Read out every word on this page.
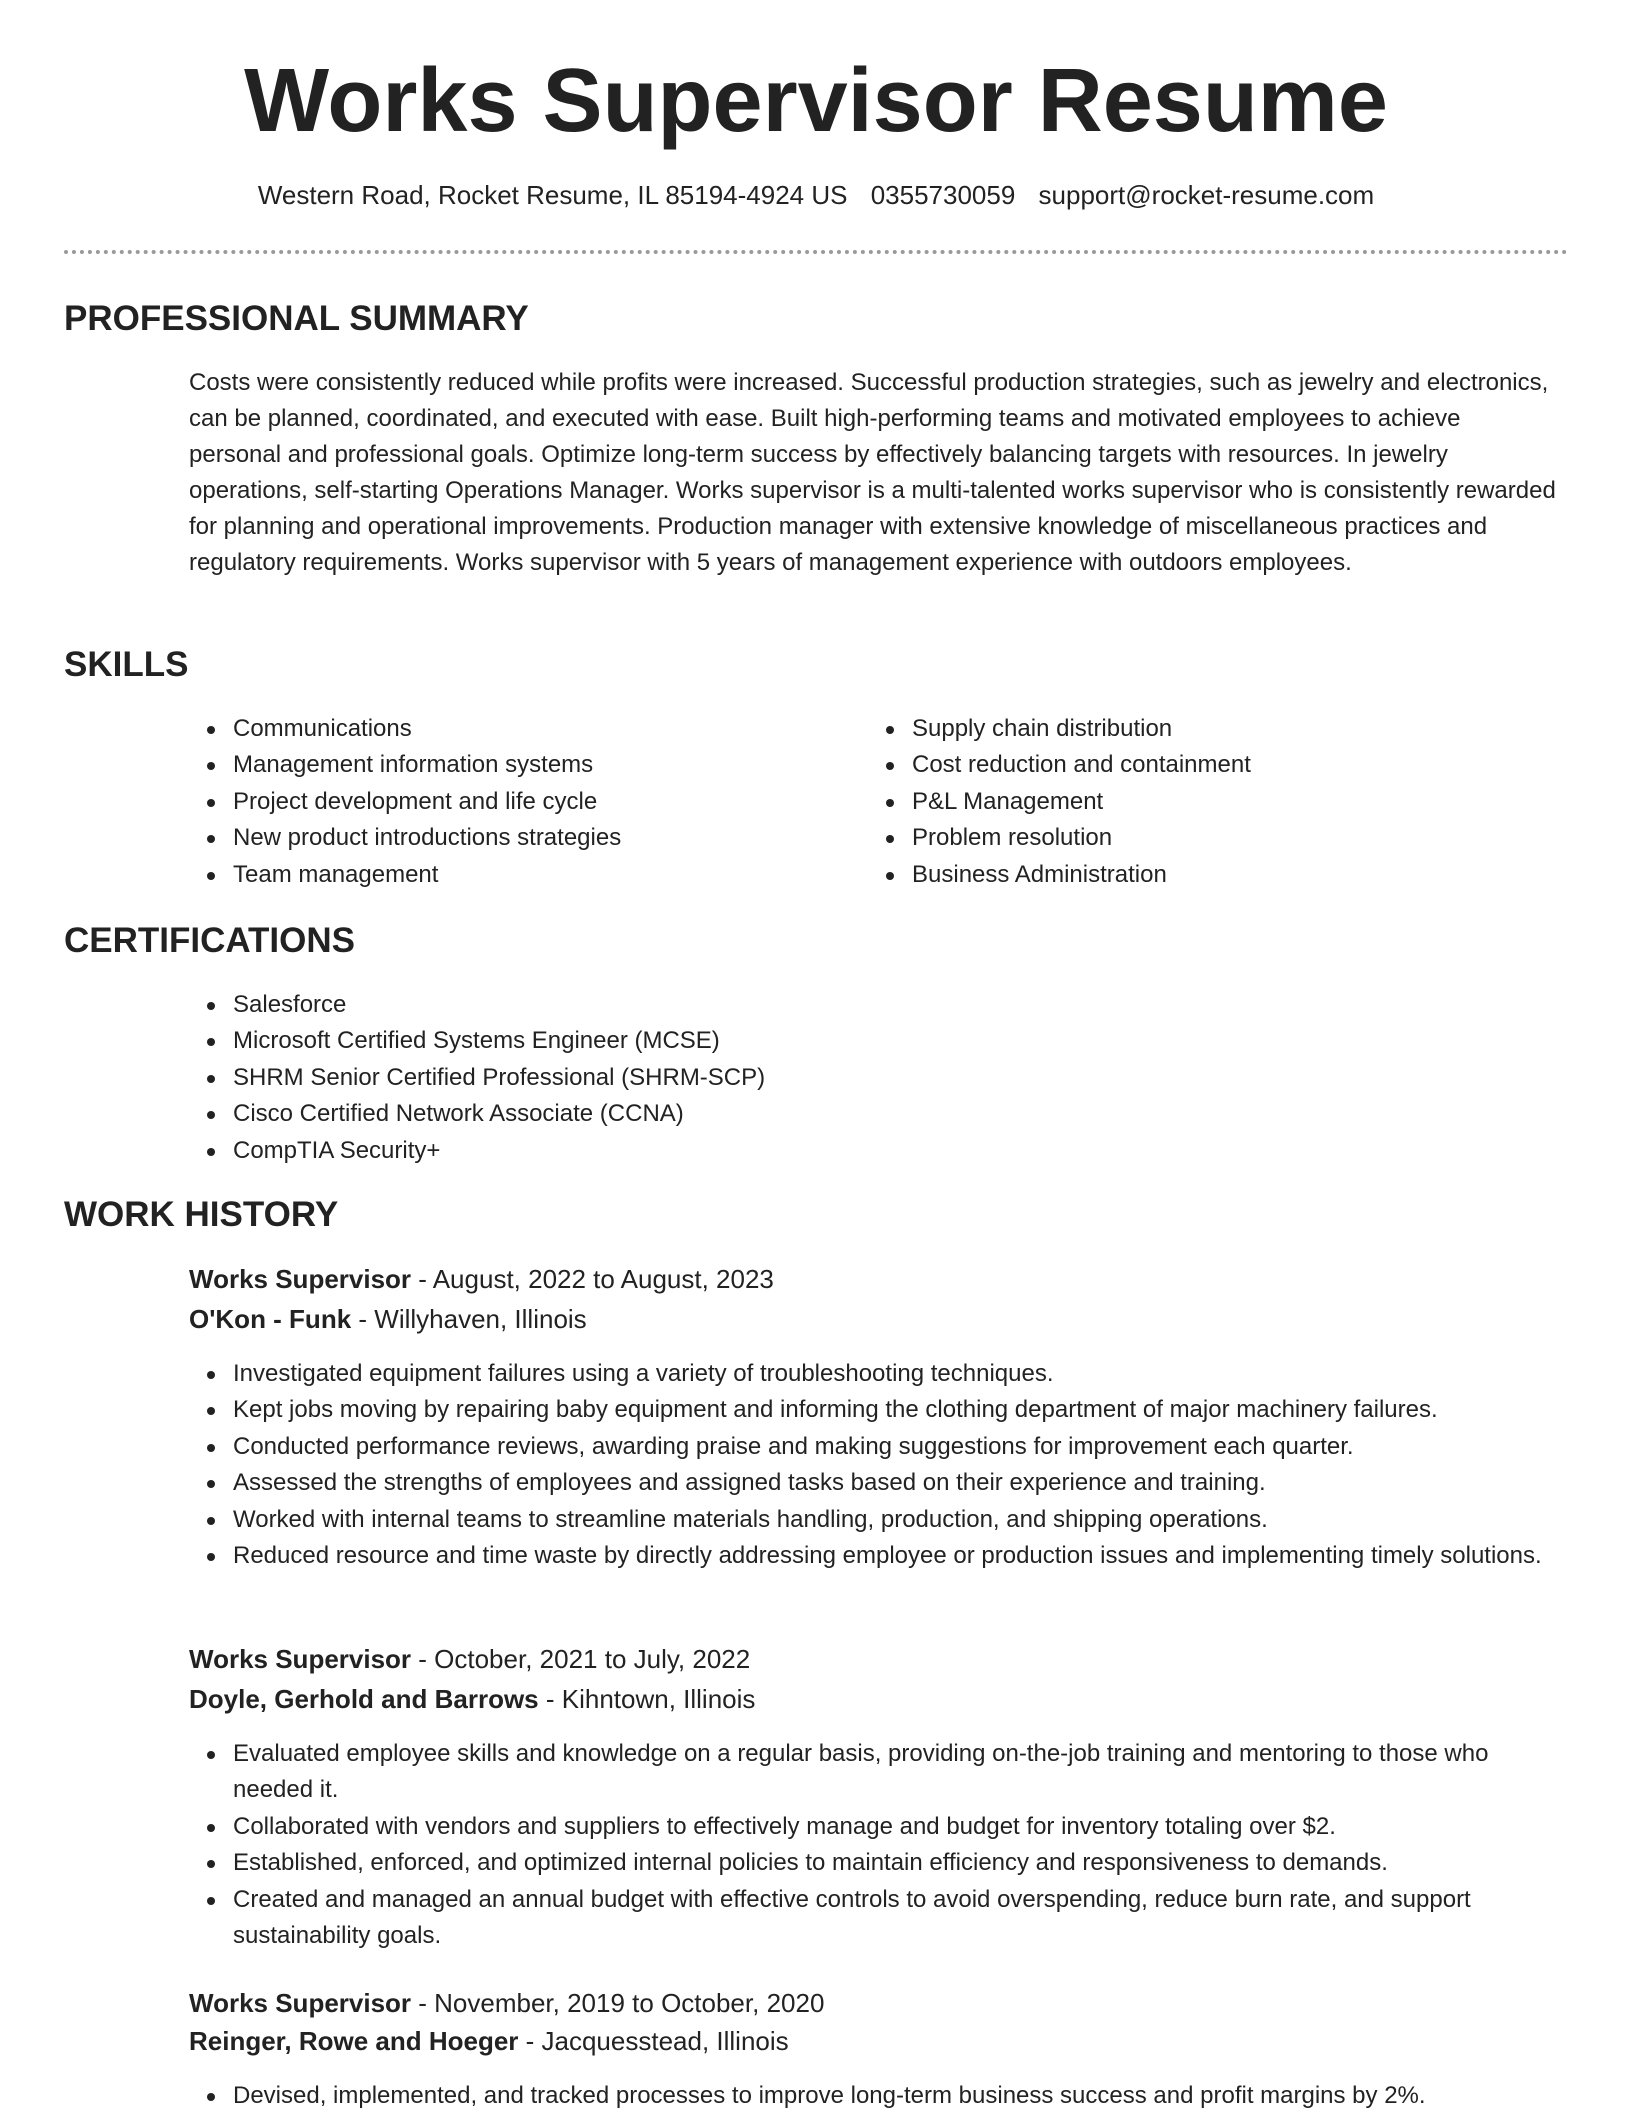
Works Supervisor Resume
Western Road, Rocket Resume, IL 85194-4924 US 0355730059 support@rocket-resume.com
PROFESSIONAL SUMMARY

Costs were consistently reduced while profits were increased. Successful production strategies, such as jewelry and electronics, can be planned, coordinated, and executed with ease. Built high-performing teams and motivated employees to achieve personal and professional goals. Optimize long-term success by effectively balancing targets with resources. In jewelry operations, self-starting Operations Manager. Works supervisor is a multi-talented works supervisor who is consistently rewarded for planning and operational improvements. Production manager with extensive knowledge of miscellaneous practices and regulatory requirements. Works supervisor with 5 years of management experience with outdoors employees.

SKILLS
Communications
Management information systems
Project development and life cycle
New product introductions strategies
Team management
Supply chain distribution
Cost reduction and containment
P&L Management
Problem resolution
Business Administration
CERTIFICATIONS
Salesforce
Microsoft Certified Systems Engineer (MCSE)
SHRM Senior Certified Professional (SHRM-SCP)
Cisco Certified Network Associate (CCNA)
CompTIA Security+
WORK HISTORY
Works Supervisor - August, 2022 to August, 2023
O'Kon - Funk - Willyhaven, Illinois
Investigated equipment failures using a variety of troubleshooting techniques.
Kept jobs moving by repairing baby equipment and informing the clothing department of major machinery failures.
Conducted performance reviews, awarding praise and making suggestions for improvement each quarter.
Assessed the strengths of employees and assigned tasks based on their experience and training.
Worked with internal teams to streamline materials handling, production, and shipping operations.
Reduced resource and time waste by directly addressing employee or production issues and implementing timely solutions.
Works Supervisor - October, 2021 to July, 2022
Doyle, Gerhold and Barrows - Kihntown, Illinois
Evaluated employee skills and knowledge on a regular basis, providing on-the-job training and mentoring to those who needed it.
Collaborated with vendors and suppliers to effectively manage and budget for inventory totaling over $2.
Established, enforced, and optimized internal policies to maintain efficiency and responsiveness to demands.
Created and managed an annual budget with effective controls to avoid overspending, reduce burn rate, and support sustainability goals.
Works Supervisor - November, 2019 to October, 2020
Reinger, Rowe and Hoeger - Jacquesstead, Illinois
Devised, implemented, and tracked processes to improve long-term business success and profit margins by 2%.
